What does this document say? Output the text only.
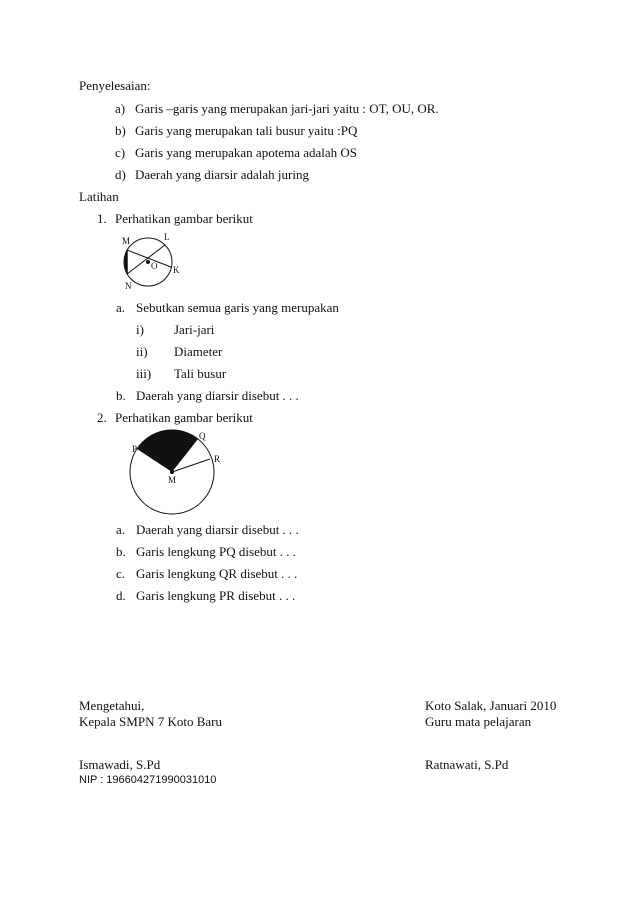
Penyelesaian:
a) Garis –garis yang merupakan jari-jari yaitu : OT, OU, OR.
b) Garis yang merupakan tali busur yaitu :PQ
c) Garis yang merupakan apotema adalah OS
d) Daerah yang diarsir adalah juring
Latihan
1. Perhatikan gambar berikut
M	L
O K
N
a. Sebutkan semua garis yang merupakan
i) Jari-jari
ii) Diameter
iii) Tali busur
b. Daerah yang diarsir disebut . . .
2. Perhatikan gambar berikut
P
Q
R
M
a. Daerah yang diarsir disebut . . .
b. Garis lengkung PQ disebut . . .
c. Garis lengkung QR disebut . . .
d. Garis lengkung PR disebut . . .
Mengetahui,
Kepala SMPN 7 Koto Baru
Ismawadi, S.Pd
NIP : 196604271990031010
Koto Salak, Januari 2010
Guru mata pelajaran
Ratnawati, S.Pd
